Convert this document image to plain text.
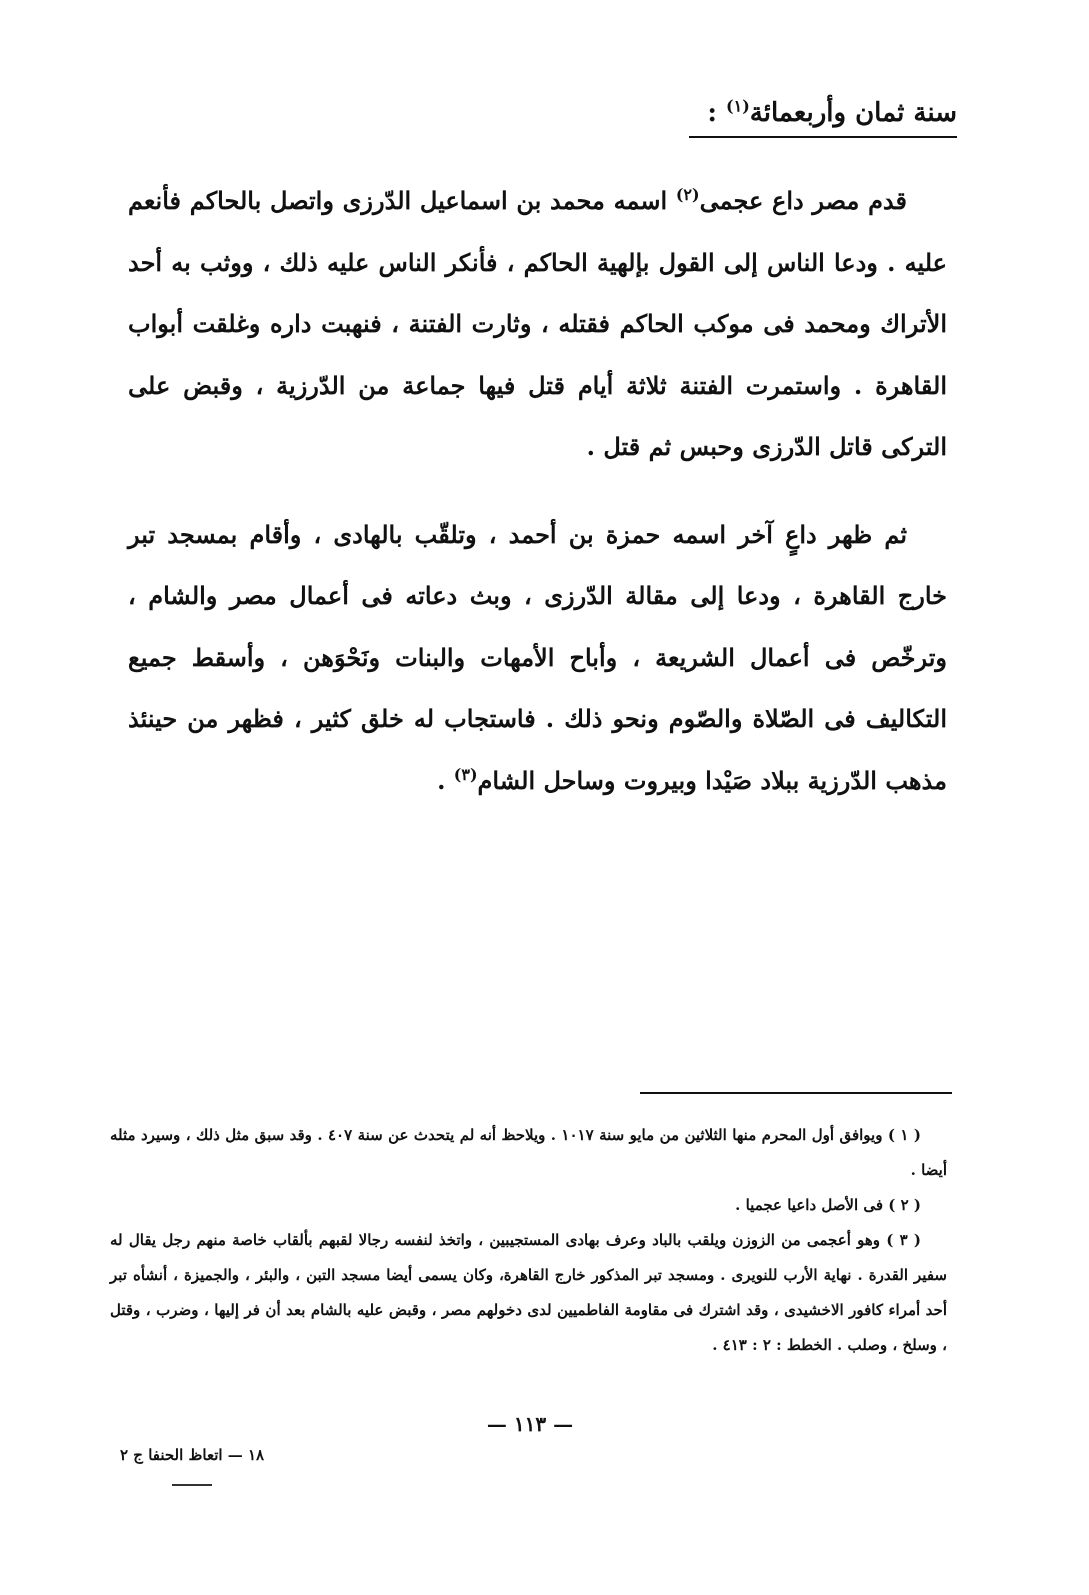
سنة ثمان وأربعمائة$^{(١)}$ :

قدم مصر داع عجمى$^{(٢)}$ اسمه محمد بن اسماعيل الدّرزى واتصل بالحاكم فأنعم عليه . ودعا الناس إلى القول بإلهية الحاكم ، فأنكر الناس عليه ذلك ، ووثب به أحد الأتراك ومحمد فى موكب الحاكم فقتله ، وثارت الفتنة ، فنهبت داره وغلقت أبواب القاهرة . واستمرت الفتنة ثلاثة أيام قتل فيها جماعة من الدّرزية ، وقبض على التركى قاتل الدّرزى وحبس ثم قتل .

ثم ظهر داعٍ آخر اسمه حمزة بن أحمد ، وتلقّب بالهادى ، وأقام بمسجد تبر خارج القاهرة ، ودعا إلى مقالة الدّرزى ، وبث دعاته فى أعمال مصر والشام ، وترخّص فى أعمال الشريعة ، وأباح الأمهات والبنات ونَحْوَهن ، وأسقط جميع التكاليف فى الصّلاة والصّوم ونحو ذلك . فاستجاب له خلق كثير ، فظهر من حينئذ مذهب الدّرزية ببلاد صَيْدا وبيروت وساحل الشام$^{(٣)}$ .

( ١ ) ويوافق أول المحرم منها الثلاثين من مايو سنة ١٠١٧ . ويلاحظ أنه لم يتحدث عن سنة ٤٠٧ . وقد سبق مثل ذلك ، وسيرد مثله أيضا .

( ٢ ) فى الأصل داعيا عجميا .

( ٣ ) وهو أعجمى من الزوزن ويلقب بالباد وعرف بهادى المستجيبين ، واتخذ لنفسه رجالا لقبهم بألقاب خاصة منهم رجل يقال له سفير القدرة . نهاية الأرب للنويرى . ومسجد تبر المذكور خارج القاهرة، وكان يسمى أيضا مسجد التبن ، والبئر ، والجميزة ، أنشأه تبر أحد أمراء كافور الاخشيدى ، وقد اشترك فى مقاومة الفاطميين لدى دخولهم مصر ، وقبض عليه بالشام بعد أن فر إليها ، وضرب ، وقتل ، وسلخ ، وصلب . الخطط : ٢ : ٤١٣ .

— ١١٣ —
١٨ — اتعاظ الحنفا ج ٢
